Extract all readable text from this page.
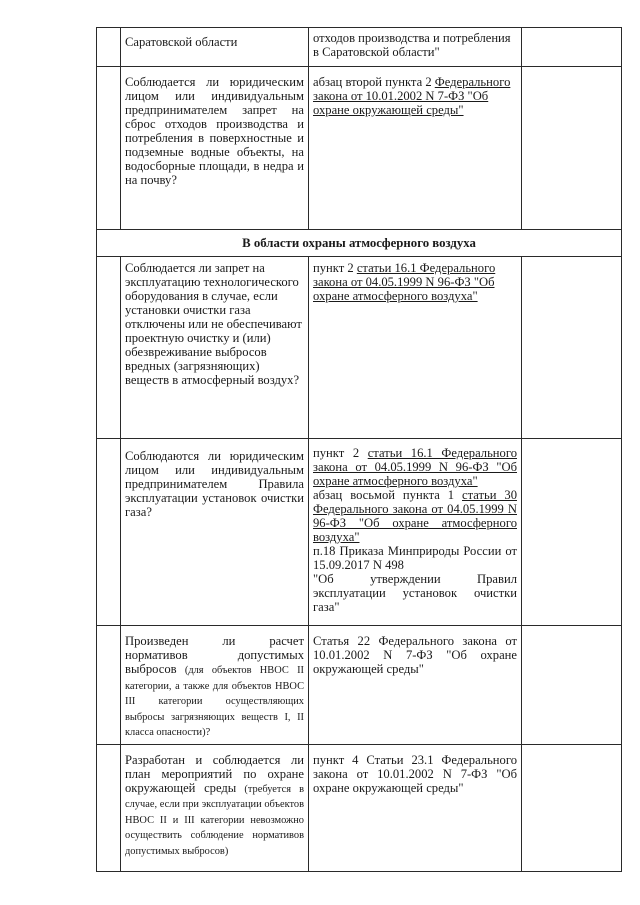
	Саратовской области	отходов производства и потребления в Саратовской области"	
	Соблюдается ли юридическим лицом или индивидуальным предпринимателем запрет на сброс отходов производства и потребления в поверхностные и подземные водные объекты, на водосборные площади, в недра и на почву?	абзац второй пункта 2 Федерального закона от 10.01.2002 N 7-ФЗ "Об охране окружающей среды"	
В области охраны атмосферного воздуха			
	Соблюдается ли запрет на эксплуатацию технологического оборудования в случае, если установки очистки газа отключены или не обеспечивают проектную очистку и (или) обезвреживание выбросов вредных (загрязняющих) веществ в атмосферный воздух?	пункт 2 статьи 16.1 Федерального закона от 04.05.1999 N 96-ФЗ "Об охране атмосферного воздуха"	
	Соблюдаются ли юридическим лицом или индивидуальным предпринимателем Правила эксплуатации установок очистки газа?	пункт 2 статьи 16.1 Федерального закона от 04.05.1999 N 96-ФЗ "Об охране атмосферного воздуха"
абзац восьмой пункта 1 статьи 30 Федерального закона от 04.05.1999 N 96-ФЗ "Об охране атмосферного воздуха"
п.18 Приказа Минприроды России от 15.09.2017 N 498
"Об утверждении Правил эксплуатации установок очистки газа"	

	Произведен ли расчет нормативов допустимых выбросов (для объектов НВОС II категории, а также для объектов НВОС III категории осуществляющих выбросы загрязняющих веществ I, II класса опасности)?	Статья 22 Федерального закона от 10.01.2002 N 7-ФЗ "Об охране окружающей среды"	
	Разработан и соблюдается ли план мероприятий по охране окружающей среды (требуется в случае, если при эксплуатации объектов НВОС II и III категории невозможно осуществить соблюдение нормативов допустимых выбросов)	пункт 4 Статьи 23.1 Федерального закона от 10.01.2002 N 7-ФЗ "Об охране окружающей среды"	
